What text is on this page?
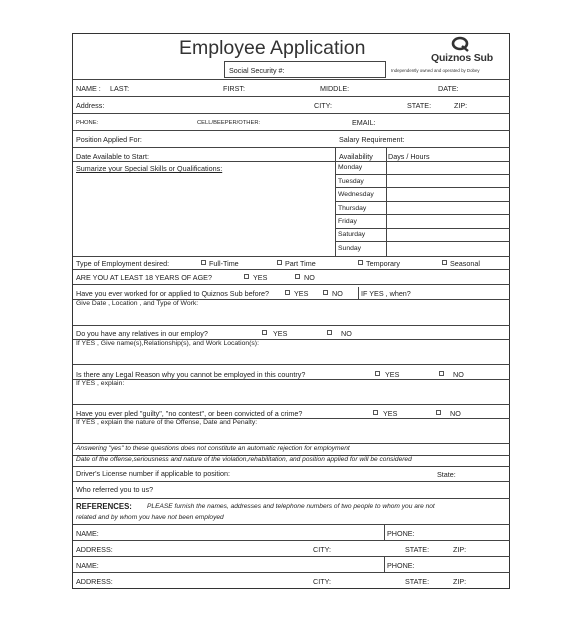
Employee Application
Social Security #:
Quiznos Sub
Independently owned and operated by Dobey
NAME : LAST:	FIRST:	MIDDLE:	DATE:
Address:	CITY:	STATE:	ZIP:
PHONE:	CELL/BEEPER/OTHER:	EMAIL:
Position Applied For:	Salary Requirement:
Date Available to Start:	Availability Days / Hours
Sumarize your Special Skills or Qualifications:	Monday
Tuesday
Wednesday
Thursday
Friday
Saturday
Sunday
Type of Employment desired:	Full-Time	Part Time	Temporary	Seasonal
ARE YOU AT LEAST 18 YEARS OF AGE?	YES	NO
Have you ever worked for or applied to Quiznos Sub before?	YES	NO	IF YES , when?
Give Date , Location , and Type of Work:
Do you have any relatives in our employ?	YES	NO
If YES , Give name(s),Relationship(s), and Work Location(s):
Is there any Legal Reason why you cannot be employed in this country?	YES	NO
If YES , explain:
Have you ever pled "guilty", "no contest", or been convicted of a crime?	YES	NO
If YES , explain the nature of the Offense, Date and Penalty:
Answering "yes" to these questions does not constitute an automatic rejection for employment
Date of the offense,seriousness and nature of the violation,rehabilitation, and position applied for will be considered
Driver's License number if applicable to position:	State:
Who referred you to us?
REFERENCES: PLEASE furnish the names, addresses and telephone numbers of two people to whom you are not
related and by whom you have not been employed
NAME:	PHONE:
ADDRESS:	CITY:	STATE:	ZIP:
NAME:	PHONE:
ADDRESS:	CITY:	STATE:	ZIP:
